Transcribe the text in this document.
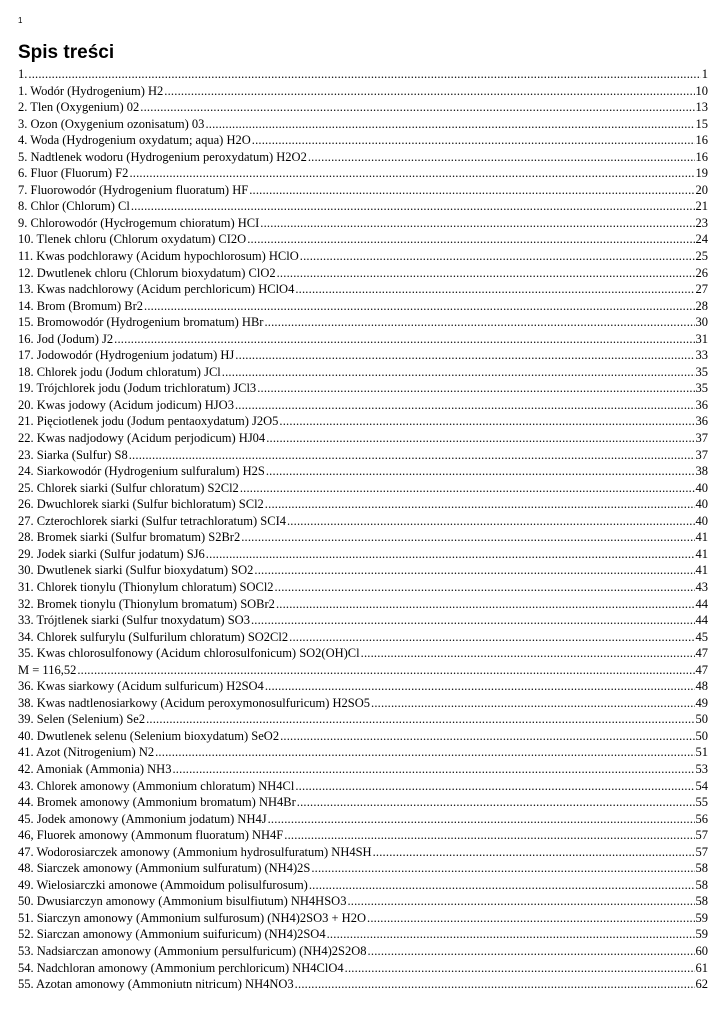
1
Spis treści
1. .....	1
1. Wodór (Hydrogenium) H2 .....	10
2. Tlen (Oxygenium) 02 .....	13
3. Ozon (Oxygenium ozonisatum) 03 .....	15
4. Woda (Hydrogenium oxydatum; aqua) H2O .....	16
5. Nadtlenek wodoru (Hydrogenium peroxydatum) H2O2 .....	16
6. Fluor (Fluorum) F2 .....	19
7. Fluorowodór (Hydrogenium fluoratum) HF .....	20
8. Chlor (Chlorum) Cl .....	21
9. Chlorowodór (Hycłrogemum chioratum) HCI .....	23
10. Tlenek chloru (Chlorum oxydatum) CI2O .....	24
11. Kwas podchlorawy (Acidum hypochlorosum) HClO .....	25
12. Dwutlenek chloru (Chlorum bioxydatum) ClO2 .....	26
13. Kwas nadchlorowy (Acidum perchloricum) HClO4 .....	27
14. Brom (Bromum) Br2 .....	28
15. Bromowodór (Hydrogenium bromatum) HBr .....	30
16. Jod (Jodum) J2 .....	31
17. Jodowodór (Hydrogenium jodatum) HJ .....	33
18. Chlorek jodu (Jodum chloratum) JCl .....	35
19. Trójchlorek jodu (Jodum trichloratum) JCl3 .....	35
20. Kwas jodowy (Acidum jodicum) HJO3 .....	36
21. Pięciotlenek jodu (Jodum pentaoxydatum) J2O5 .....	36
22. Kwas nadjodowy (Acidum perjodicum) HJ04 .....	37
23. Siarka (Sulfur) S8 .....	37
24. Siarkowodór (Hydrogenium sulfuralum) H2S .....	38
25. Chlorek siarki (Sulfur chloratum) S2Cl2 .....	40
26. Dwuchlorek siarki (Sulfur bichloratum) SCl2 .....	40
27. Czterochlorek siarki (Sulfur tetrachloratum) SCI4 .....	40
28. Bromek siarki (Sulfur bromatum) S2Br2 .....	41
29. Jodek siarki (Sulfur jodatum) SJ6 .....	41
30. Dwutlenek siarki (Sulfur bioxydatum) SO2 .....	41
31. Chlorek tionylu (Thionylum chloratum) SOCl2 .....	43
32. Bromek tionylu (Thionylum bromatum) SOBr2 .....	44
33. Trójtlenek siarki (Sulfur tnoxydatum) SO3 .....	44
34. Chlorek sulfurylu (Sulfurilum chloratum) SO2Cl2 .....	45
35. Kwas chlorosulfonowy (Acidum chlorosulfonicum) SO2(OH)Cl .....	47
M = 116,52 .....	47
36. Kwas siarkowy (Acidum sulfuricum) H2SO4 .....	48
38. Kwas nadtlenosiarkowy (Acidum peroxymonosulfuricum) H2SO5 .....	49
39. Selen (Selenium) Se2 .....	50
40. Dwutlenek selenu (Selenium bioxydatum) SeO2 .....	50
41. Azot (Nitrogenium) N2 .....	51
42. Amoniak (Ammonia) NH3 .....	53
43. Chlorek amonowy (Ammonium chloratum) NH4Cl .....	54
44. Bromek amonowy (Ammonium bromatum) NH4Br .....	55
45. Jodek amonowy (Ammonium jodatum) NH4J .....	56
46, Fluorek amonowy (Ammonum fluoratum) NH4F .....	57
47. Wodorosiarczek amonowy (Ammonium hydrosulfuratum) NH4SH .....	57
48. Siarczek amonowy (Ammonium sulfuratum) (NH4)2S .....	58
49. Wielosiarczki amonowe (Ammoidum polisulfurosum) .....	58
50. Dwusiarczyn amonowy (Ammonium bisulfiutum) NH4HSO3 .....	58
51. Siarczyn amonowy (Ammonium sulfurosum) (NH4)2SO3 + H2O .....	59
52. Siarczan amonowy (Ammonium suifuricum) (NH4)2SO4 .....	59
53. Nadsiarczan amonowy (Ammonium persulfuricum) (NH4)2S2O8 .....	60
54. Nadchloran amonowy (Ammonium perchloricum) NH4ClO4 .....	61
55. Azotan amonowy (Ammoniutn nitricum) NH4NO3 .....	62
